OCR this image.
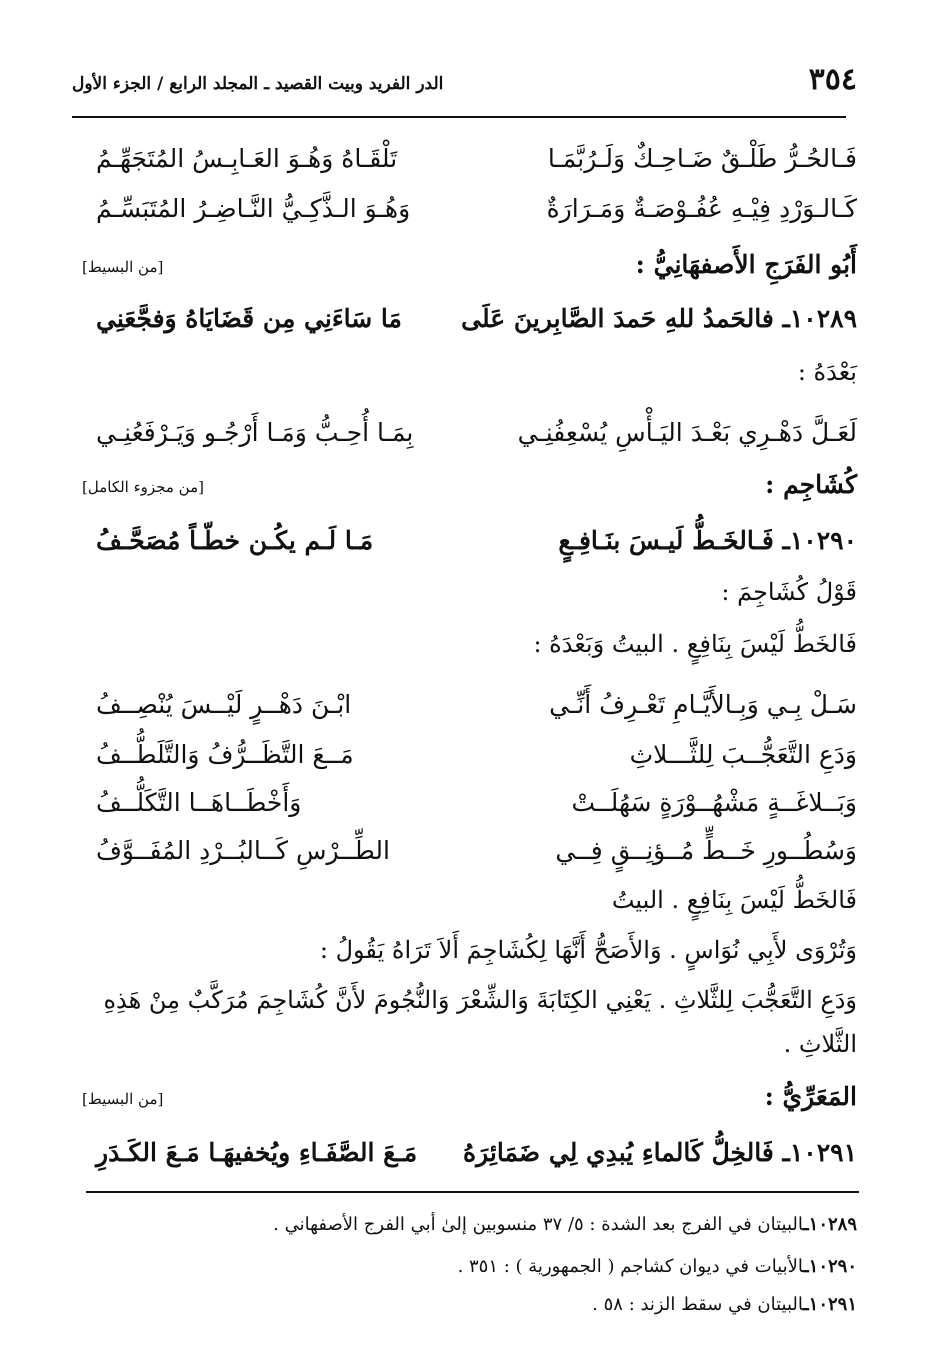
٣٥٤
الدر الفريد وبيت القصيد ـ المجلد الرابع / الجزء الأول
فَـالحُـرُّ طَلْـقٌ ضَـاحِـكٌ وَلَـرُبَّمَـا
تَلْقَـاهُ وَهُـوَ العَـابِـسُ المُتَجَهِّـمُ
كَـالـوَرْدِ فِيْـهِ عُفُـوْصَـةٌ وَمَـرَارَةٌ
وَهُـوَ الـذَّكِـيُّ النَّـاضِـرُ المُتَبَسِّـمُ
أَبُو الفَرَجِ الأَصفهَانِيُّ :
[من البسيط]
١٠٢٨٩ـ فالحَمدُ للهِ حَمدَ الصَّابِرينَ عَلَى
مَا سَاءَنِي مِن قَضَايَاهُ وَفجَّعَنِي
بَعْدَهُ :
لَعَـلَّ دَهْـرِي بَعْـدَ اليَـأْسِ يُسْعِفُنِـي
بِمَـا أُحِـبُّ وَمَـا أَرْجُـو وَيَـرْفَعُنِـي
كُشَاجِم :
[من مجزوء الكامل]
١٠٢٩٠ـ فَـالخَـطُّ لَيـسَ بنَـافِـعٍ
مَـا لَـم يكُـن خطّـاً مُصَحَّـفُ
قَوْلُ كُشَاجِمَ :
فَالخَطُّ لَيْسَ بِنَافِعٍ . البيتُ وَبَعْدَهُ :
سَـلْ بِـي وَبِـالأَيَّـامِ تَعْـرِفُ أَنِّـي
ابْـنَ دَهْــرٍ لَيْــسَ يُنْصِــفُ
وَدَعِ التَّعَجُّــبَ لِلثَّـــلاثِ
مَــعَ التَّظَــرُّفُ وَالتَّلَطُّــفُ
وَبَــلاغَــةٍ مَشْهُــوْرَةٍ سَهُلَــتْ
وَأَخْطَــاهَــا التَّكَلُّــفُ
وَسُطُــورِ خَــطٍّ مُــؤنِــقٍ فِــي
الطِّــرْسِ كَــالبُــرْدِ المُفَــوَّفُ
فَالخَطُّ لَيْسَ بِنَافِعٍ . البيتُ
وَتُرْوَى لأَبِي نُوَاسٍ . وَالأَصَحُّ أَنَّهَا لِكُشَاجِمَ أَلاَ تَرَاهُ يَقُولُ :
وَدَعِ التَّعَجُّبَ لِلثَّلاثِ . يَعْنِي الكِتَابَةَ وَالشِّعْرَ وَالنُّجُومَ لأَنَّ كُشَاجِمَ مُرَكَّبٌ مِنْ هَذِهِ الثَّلاثِ .
المَعَرِّيُّ :
[من البسيط]
١٠٢٩١ـ فَالخِلُّ كَالماءِ يُبدِي لِي ضَمَائِرَهُ
مَـعَ الصَّفَـاءِ ويُخفيهَـا مَـعَ الكَـدَرِ
١٠٢٨٩ـالبيتان في الفرج بعد الشدة : ٥/ ٣٧ منسوبين إلىٰ أبي الفرج الأصفهاني .
١٠٢٩٠ـالأبيات في ديوان كشاجم ( الجمهورية ) : ٣٥١ .
١٠٢٩١ـالبيتان في سقط الزند : ٥٨ .
